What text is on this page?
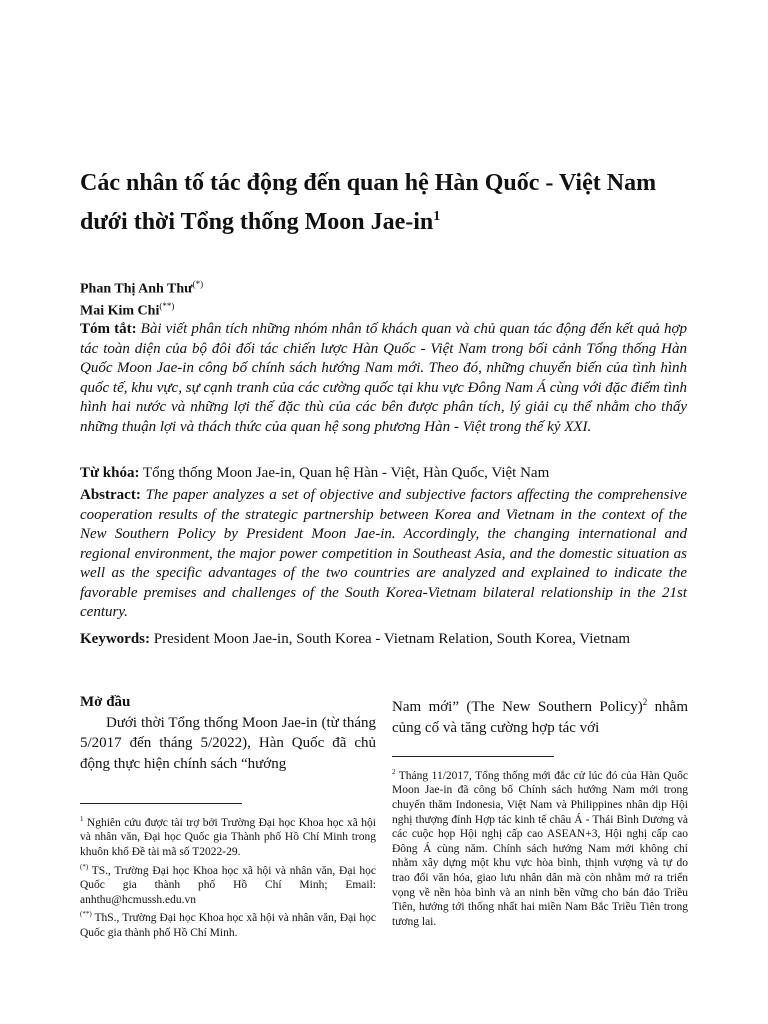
Các nhân tố tác động đến quan hệ Hàn Quốc - Việt Nam dưới thời Tổng thống Moon Jae-$in^1$
Phan Thị Anh Thư(*)
Mai Kim Chi(**)

Tóm tắt: Bài viết phân tích những nhóm nhân tố khách quan và chủ quan tác động đến kết quả hợp tác toàn diện của bộ đôi đối tác chiến lược Hàn Quốc - Việt Nam trong bối cảnh Tổng thống Hàn Quốc Moon Jae-in công bố chính sách hướng Nam mới. Theo đó, những chuyển biến của tình hình quốc tế, khu vực, sự cạnh tranh của các cường quốc tại khu vực Đông Nam Á cùng với đặc điểm tình hình hai nước và những lợi thế đặc thù của các bên được phân tích, lý giải cụ thể nhằm cho thấy những thuận lợi và thách thức của quan hệ song phương Hàn - Việt trong thế kỷ XXI.

Từ khóa: Tổng thống Moon Jae-in, Quan hệ Hàn - Việt, Hàn Quốc, Việt Nam

Abstract: The paper analyzes a set of objective and subjective factors affecting the comprehensive cooperation results of the strategic partnership between Korea and Vietnam in the context of the New Southern Policy by President Moon Jae-in. Accordingly, the changing international and regional environment, the major power competition in Southeast Asia, and the domestic situation as well as the specific advantages of the two countries are analyzed and explained to indicate the favorable premises and challenges of the South Korea-Vietnam bilateral relationship in the 21st century.

Keywords: President Moon Jae-in, South Korea - Vietnam Relation, South Korea, Vietnam

Mở đầu

Dưới thời Tổng thống Moon Jae-in (từ tháng 5/2017 đến tháng 5/2022), Hàn Quốc đã chủ động thực hiện chính sách “hướng

Nam mới” (The New Southern Policy)$^2$ nhằm củng cố và tăng cường hợp tác với

$^1$ Nghiên cứu được tài trợ bởi Trường Đại học Khoa học xã hội và nhân văn, Đại học Quốc gia Thành phố Hồ Chí Minh trong khuôn khổ Đề tài mã số T2022-29.

(*) TS., Trường Đại học Khoa học xã hội và nhân văn, Đại học Quốc gia thành phố Hồ Chí Minh; Email: anhthu@hcmussh.edu.vn

(**) ThS., Trường Đại học Khoa học xã hội và nhân văn, Đại học Quốc gia thành phố Hồ Chí Minh.

$^2$ Tháng 11/2017, Tổng thống mới đắc cử lúc đó của Hàn Quốc Moon Jae-in đã công bố Chính sách hướng Nam mới trong chuyến thăm Indonesia, Việt Nam và Philippines nhân dịp Hội nghị thượng đỉnh Hợp tác kinh tế châu Á - Thái Bình Dương và các cuộc họp Hội nghị cấp cao ASEAN+3, Hội nghị cấp cao Đông Á cùng năm. Chính sách hướng Nam mới không chỉ nhằm xây dựng một khu vực hòa bình, thịnh vượng và tự do trao đổi văn hóa, giao lưu nhân dân mà còn nhằm mở ra triển vọng về nền hòa bình và an ninh bền vững cho bán đảo Triều Tiên, hướng tới thống nhất hai miền Nam Bắc Triều Tiên trong tương lai.
